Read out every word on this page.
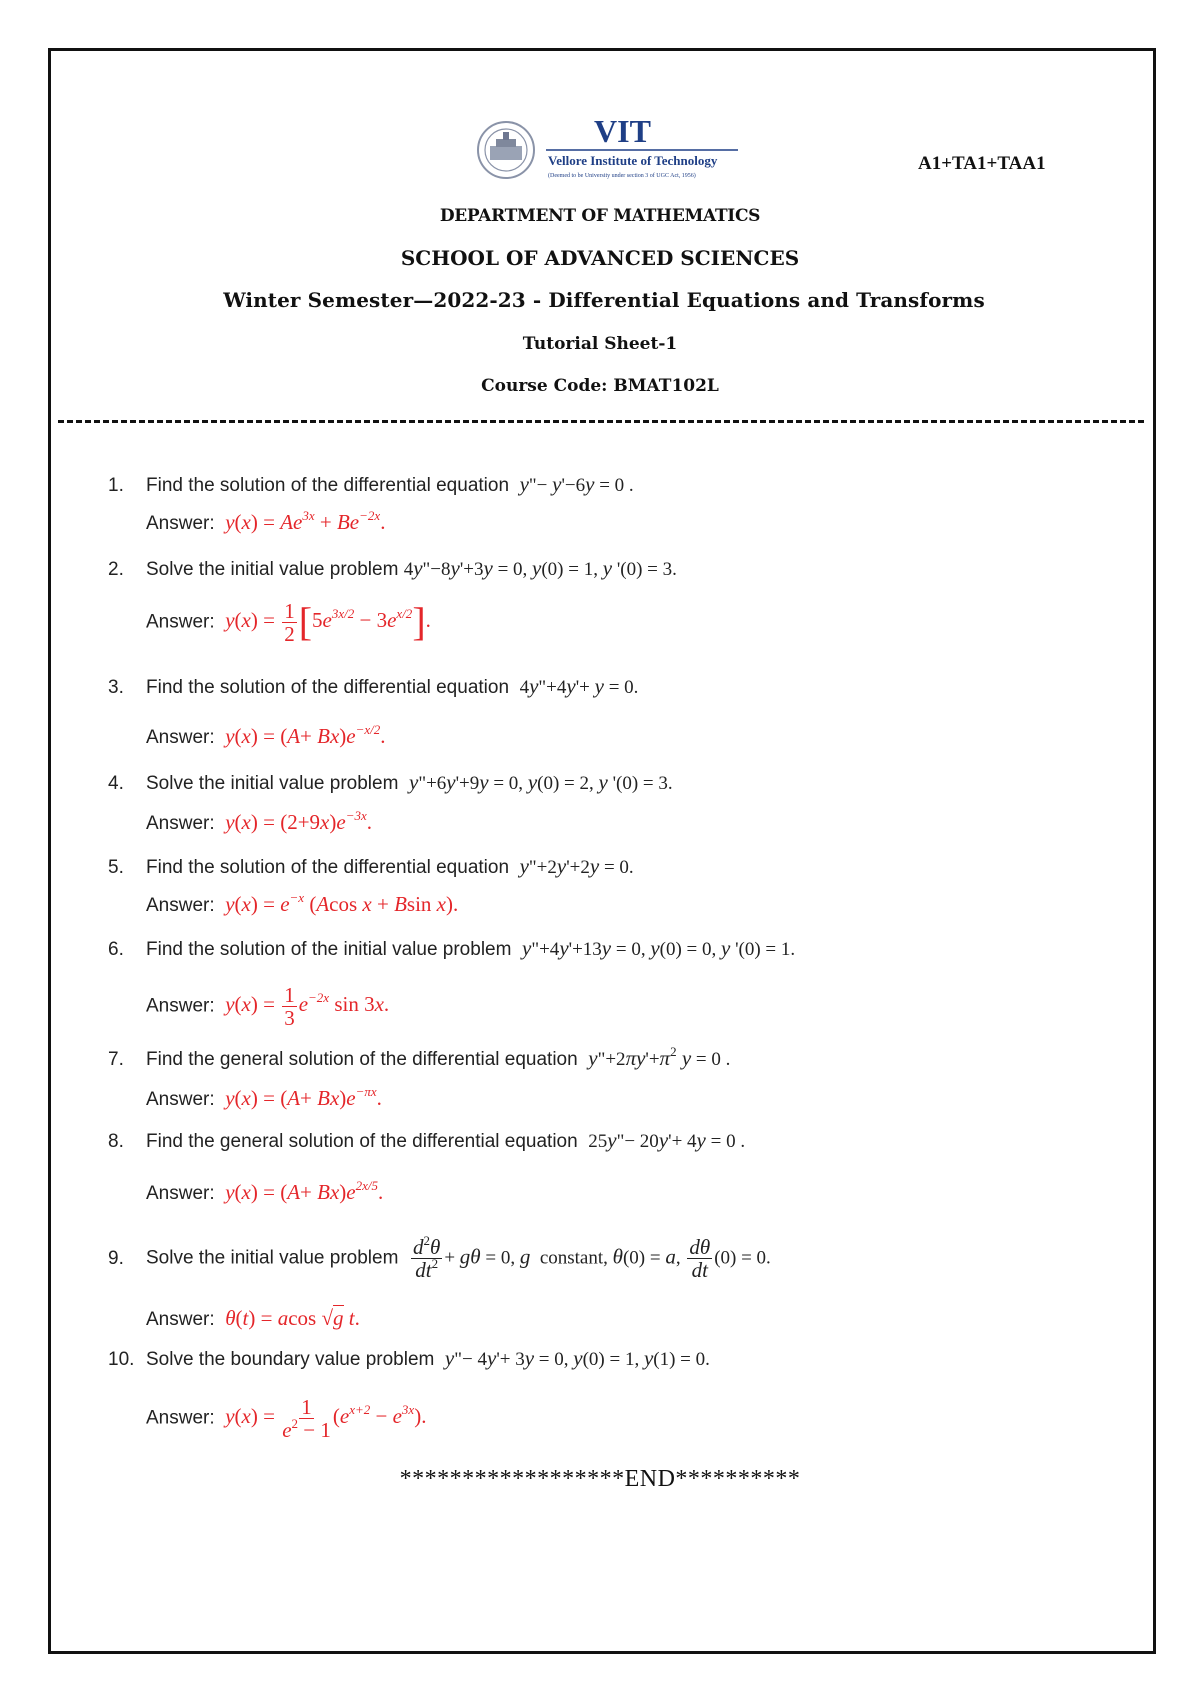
VIT
Vellore Institute of Technology
(Deemed to be University under section 3 of UGC Act, 1956)
A1+TA1+TAA1
DEPARTMENT OF MATHEMATICS
SCHOOL OF ADVANCED SCIENCES
Winter Semester—2022-23 - Differential Equations and Transforms
Tutorial Sheet-1
Course Code: BMAT102L
1. Find the solution of the differential equation y"− y'−6y = 0 .
Answer: $y(x) = Ae^{3x} + Be^{-2x}$.
2. Solve the initial value problem 4y"−8y'+3y = 0, y(0) = 1, y '(0) = 3.
Answer: $y(x) = \frac{1}{2} [5e^{3x/2} - 3e^{x/2}]$.
3. Find the solution of the differential equation 4y"+4y'+ y = 0.
Answer: $y(x) = (A+ Bx)e^{-x/2}$.
4. Solve the initial value problem y"+6y'+9y = 0, y(0) = 2, y '(0) = 3.
Answer: $y(x) = (2+9x)e^{-3x}$.
5. Find the solution of the differential equation y"+2y'+2y = 0.
Answer: $y(x) = e^{-x}$ (Acos x + Bsin x).
6. Find the solution of the initial value problem y"+4y'+13y = 0, y(0) = 0, y '(0) = 1.
Answer: $y(x) = \frac{1}{3} e^{-2x}$ sin 3x.
7. Find the general solution of the differential equation $y"+2\pi y'+\pi^2$ y = 0 .
Answer: $y(x) = (A+ Bx)e^{-\pi x}$.
8. Find the general solution of the differential equation 25y"− 20y'+ 4y = 0 .
Answer: $y(x) = (A+ Bx)e^{2x/5}$.
9. Solve the initial value problem $\frac{d^2\theta}{dt^2} + g\theta = 0$, g  constant, θ(0) = a, $\frac{d\theta}{dt} (0) = 0$.
Answer: θ(t) = acos √g t.
10. Solve the boundary value problem y"− 4y'+ 3y = 0, y(0) = 1, y(1) = 0.
Answer: $y(x) = \frac{1}{e^2 - 1} (e^{x+2} - e^{3x})$.
******************END**********
